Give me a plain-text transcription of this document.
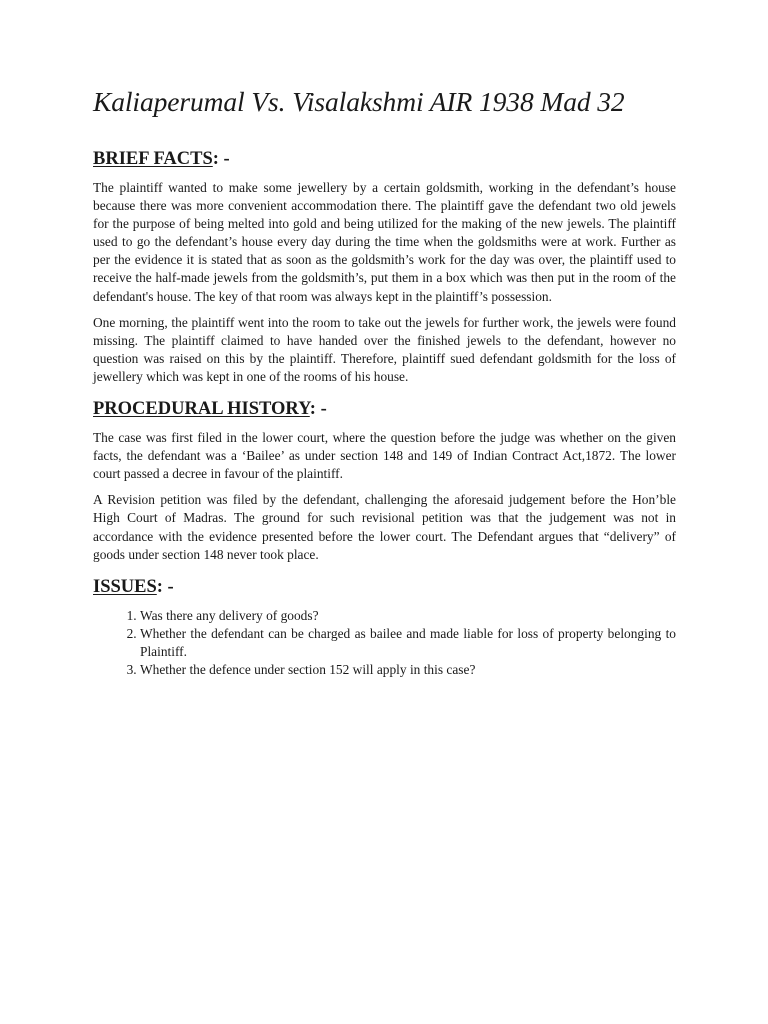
Kaliaperumal Vs. Visalakshmi AIR 1938 Mad 32
BRIEF FACTS: -

The plaintiff wanted to make some jewellery by a certain goldsmith, working in the defendant’s house because there was more convenient accommodation there. The plaintiff gave the defendant two old jewels for the purpose of being melted into gold and being utilized for the making of the new jewels. The plaintiff used to go the defendant’s house every day during the time when the goldsmiths were at work. Further as per the evidence it is stated that as soon as the goldsmith’s work for the day was over, the plaintiff used to receive the half-made jewels from the goldsmith’s, put them in a box which was then put in the room of the defendant's house. The key of that room was always kept in the plaintiff’s possession.

One morning, the plaintiff went into the room to take out the jewels for further work, the jewels were found missing. The plaintiff claimed to have handed over the finished jewels to the defendant, however no question was raised on this by the plaintiff. Therefore, plaintiff sued defendant goldsmith for the loss of jewellery which was kept in one of the rooms of his house.

PROCEDURAL HISTORY: -

The case was first filed in the lower court, where the question before the judge was whether on the given facts, the defendant was a ‘Bailee’ as under section 148 and 149 of Indian Contract Act,1872. The lower court passed a decree in favour of the plaintiff.

A Revision petition was filed by the defendant, challenging the aforesaid judgement before the Hon’ble High Court of Madras. The ground for such revisional petition was that the judgement was not in accordance with the evidence presented before the lower court. The Defendant argues that “delivery” of goods under section 148 never took place.

ISSUES: -
1. Was there any delivery of goods?
2. Whether the defendant can be charged as bailee and made liable for loss of property belonging to Plaintiff.
3. Whether the defence under section 152 will apply in this case?
